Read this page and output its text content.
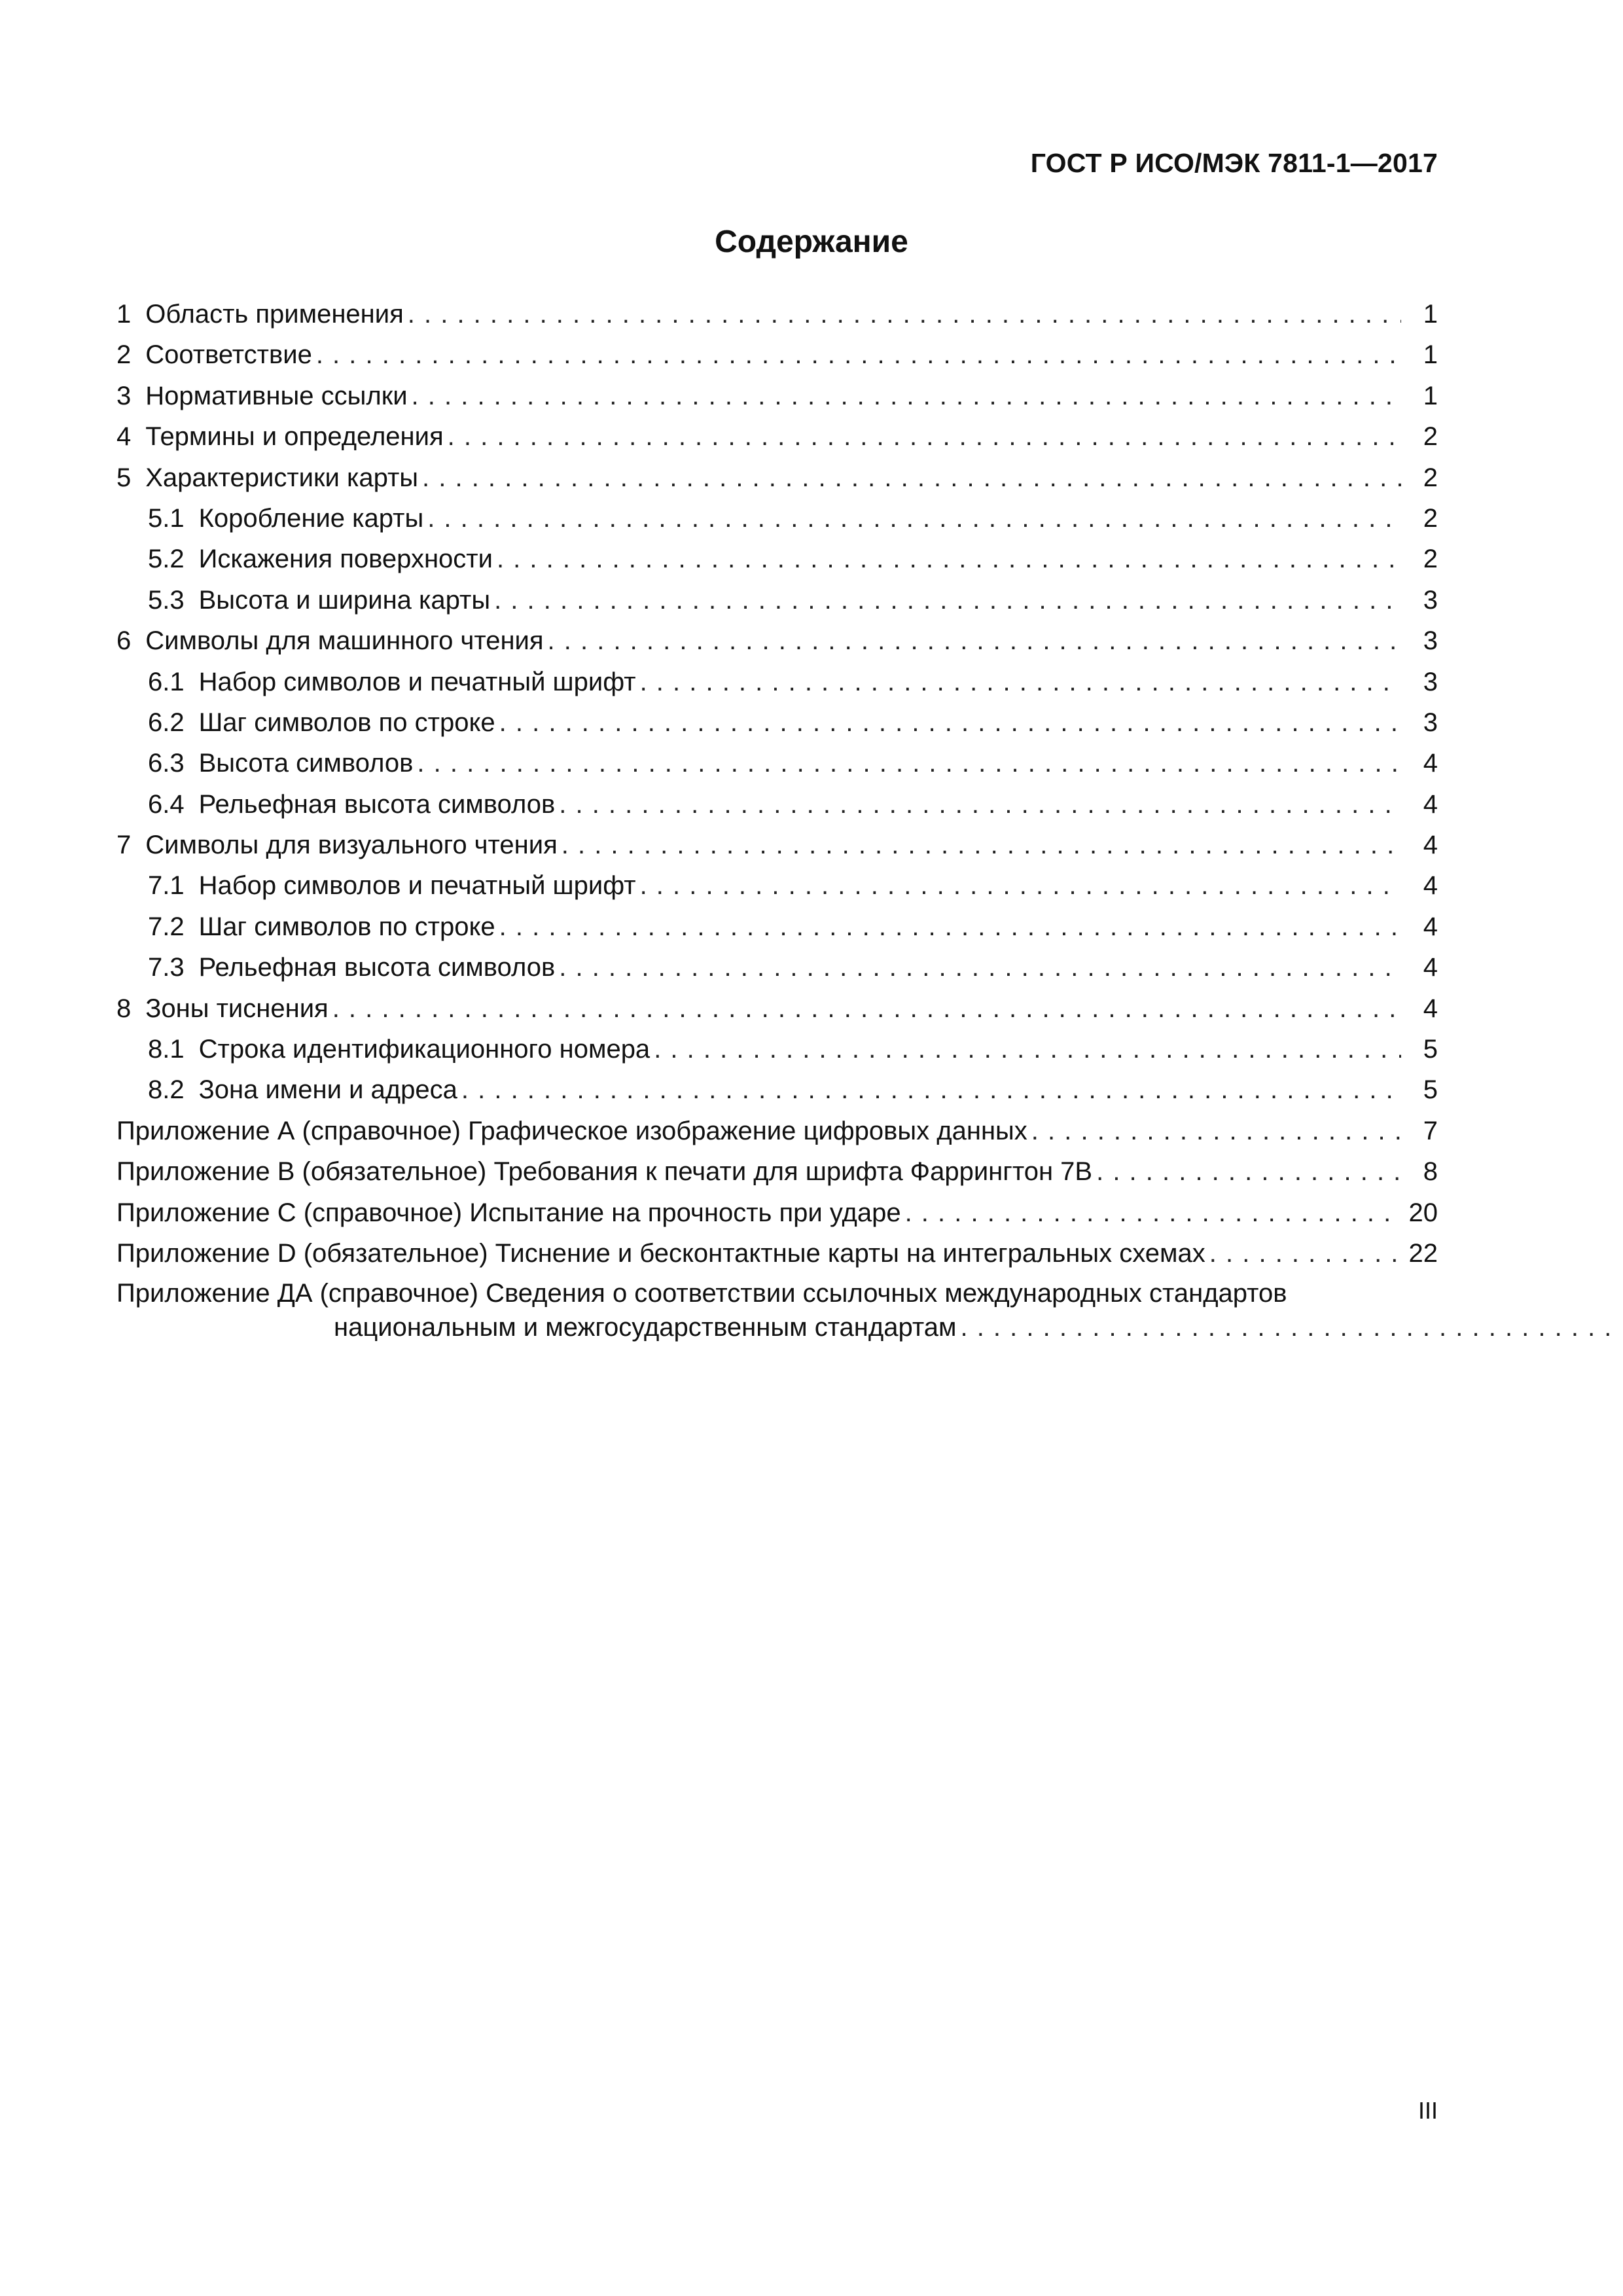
ГОСТ Р ИСО/МЭК 7811-1—2017
Содержание
1 Область применения . . .	1
2 Соответствие . . .	1
3 Нормативные ссылки . . .	1
4 Термины и определения . . .	2
5 Характеристики карты . . .	2
5.1 Коробление карты . . .	2
5.2 Искажения поверхности . . .	2
5.3 Высота и ширина карты . . .	3
6 Символы для машинного чтения . . .	3
6.1 Набор символов и печатный шрифт . . .	3
6.2 Шаг символов по строке . . .	3
6.3 Высота символов . . .	4
6.4 Рельефная высота символов . . .	4
7 Символы для визуального чтения . . .	4
7.1 Набор символов и печатный шрифт . . .	4
7.2 Шаг символов по строке . . .	4
7.3 Рельефная высота символов . . .	4
8 Зоны тиснения . . .	4
8.1 Строка идентификационного номера . . .	5
8.2 Зона имени и адреса . . .	5
Приложение А (справочное) Графическое изображение цифровых данных . . .	7
Приложение В (обязательное) Требования к печати для шрифта Фаррингтон 7В . . .	8
Приложение С (справочное) Испытание на прочность при ударе . . .	20
Приложение D (обязательное) Тиснение и бесконтактные карты на интегральных схемах . . .	22
Приложение ДА (справочное) Сведения о соответствии ссылочных международных стандартов
национальным и межгосударственным стандартам
. . .
III
